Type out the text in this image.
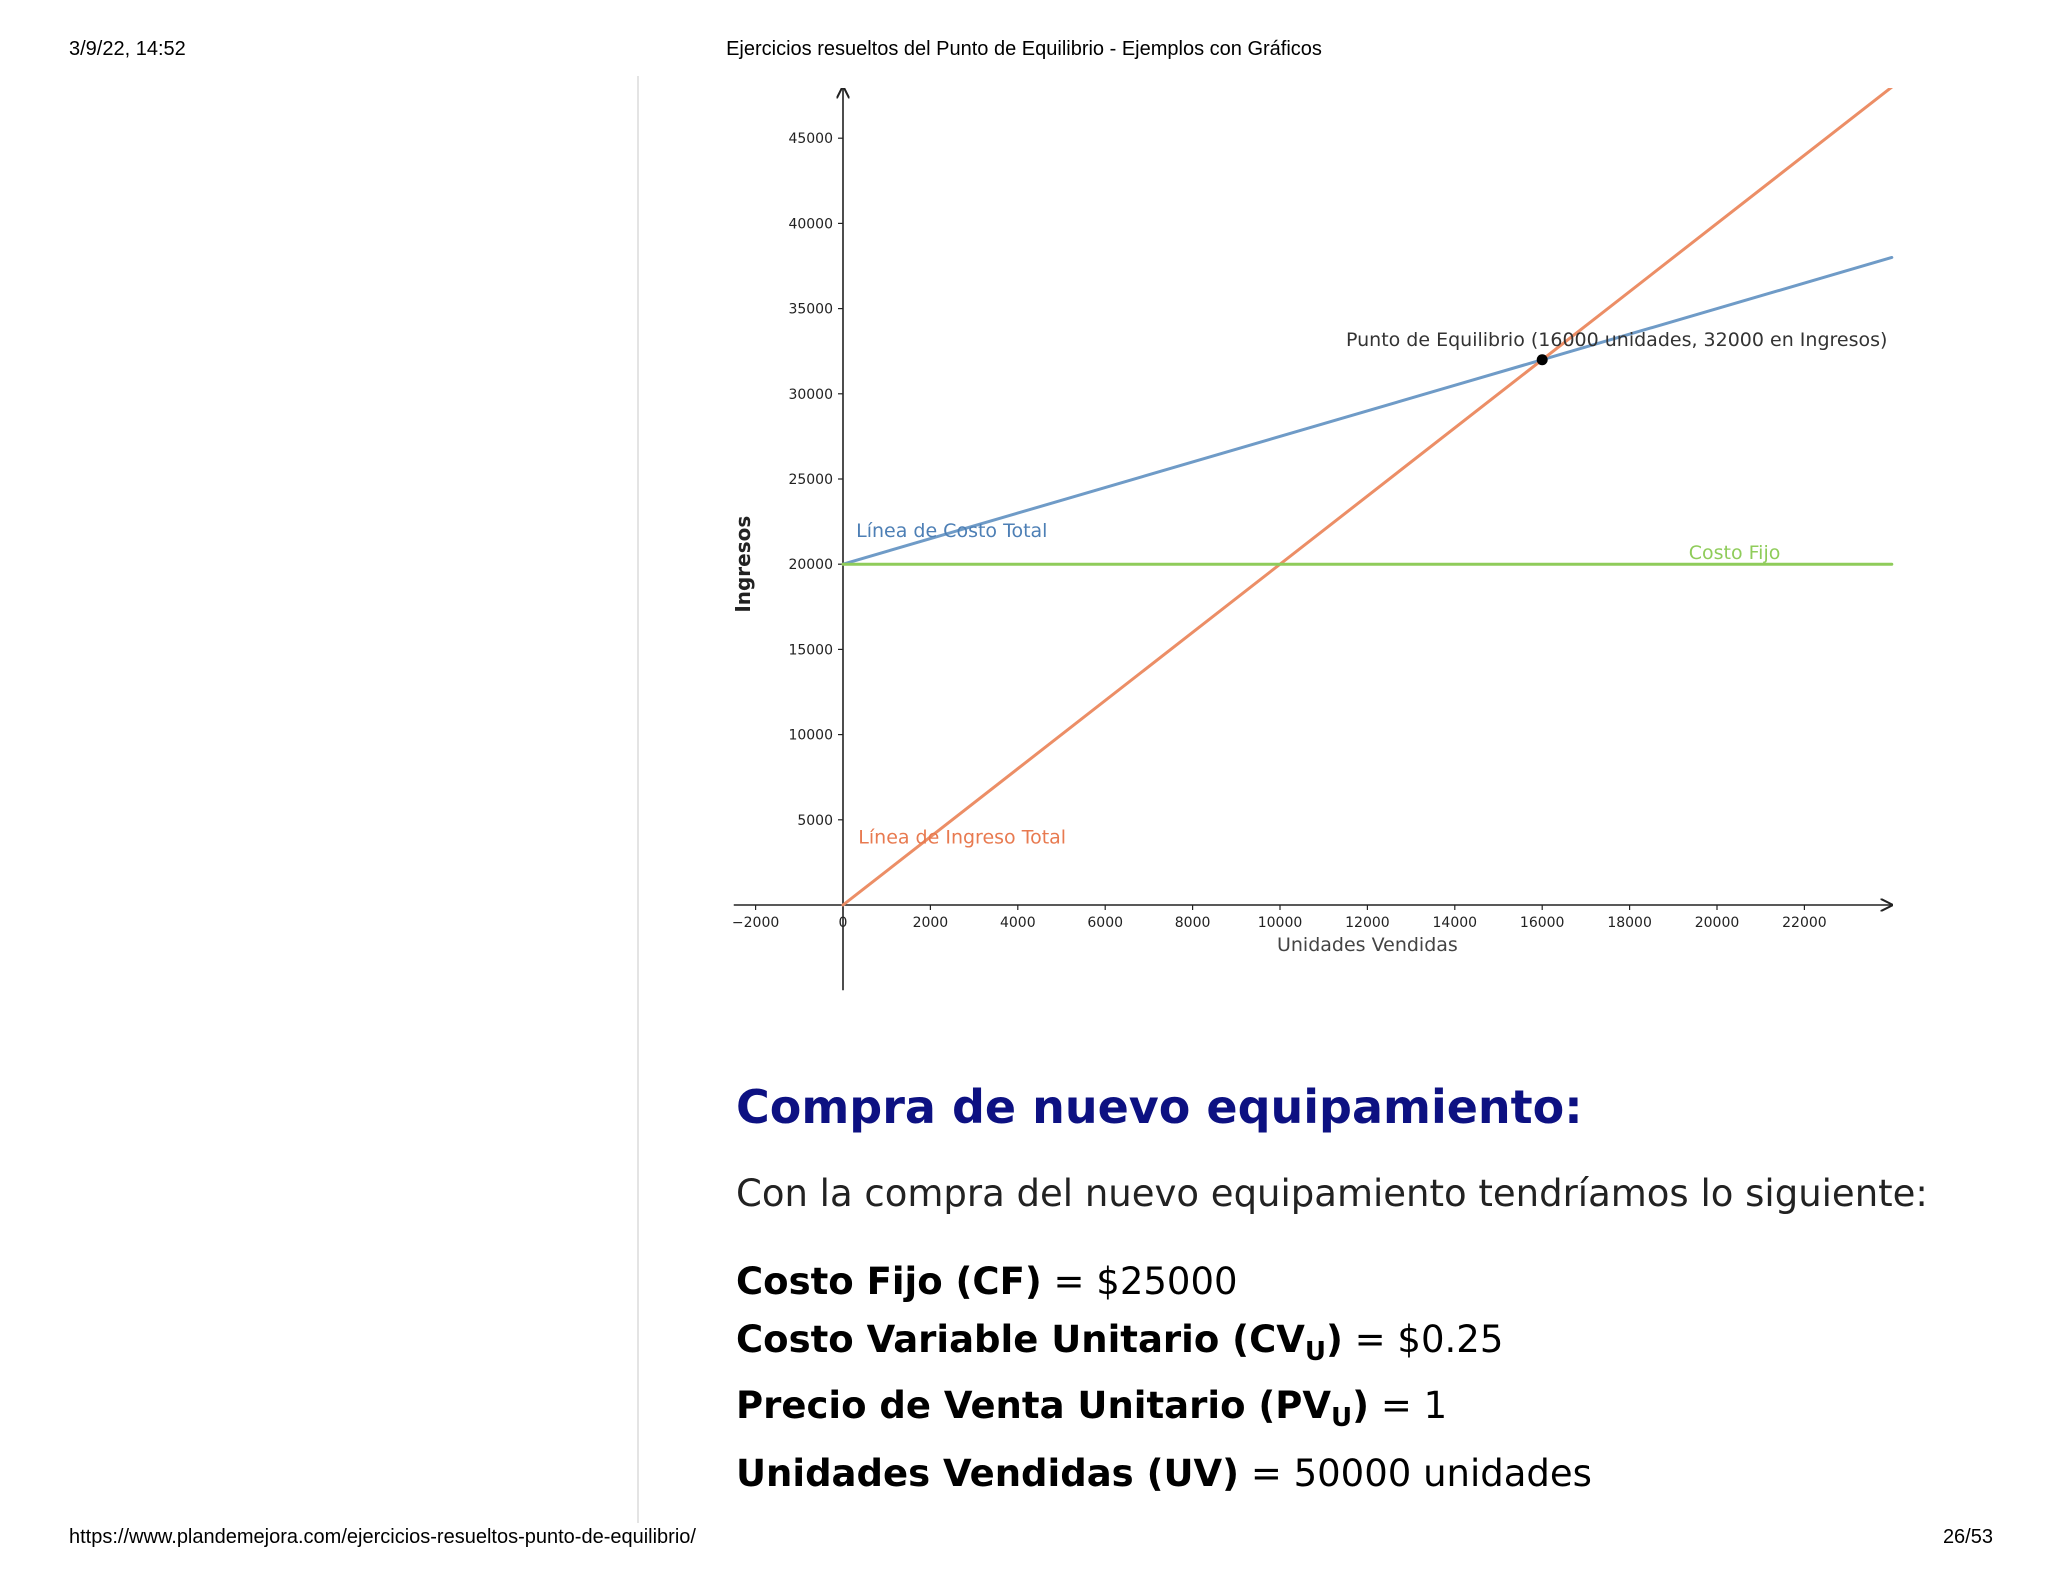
3/9/22, 14:52	Ejercicios resueltos del Punto de Equilibrio - Ejemplos con Gráficos
5000
10000
15000
20000
25000
30000
35000
40000
45000
−2000	0	2000	4000	6000	8000	10000	12000	14000	16000	18000	20000	22000
Unidades Vendidas
Ingresos	Línea de Costo Total
Línea de Ingreso Total
Costo Fijo
Punto de Equilibrio (16000 unidades, 32000 en Ingresos)
Compra de nuevo equipamiento:
Con la compra del nuevo equipamiento tendríamos lo siguiente:
Costo Fijo (CF) = $25000
Costo Variable Unitario $(CV_U)$ = $0.25
Precio de Venta Unitario $(PV_U) = 1$
Unidades Vendidas (UV) = 50000 unidades
https://www.plandemejora.com/ejercicios-resueltos-punto-de-equilibrio/	26/53
